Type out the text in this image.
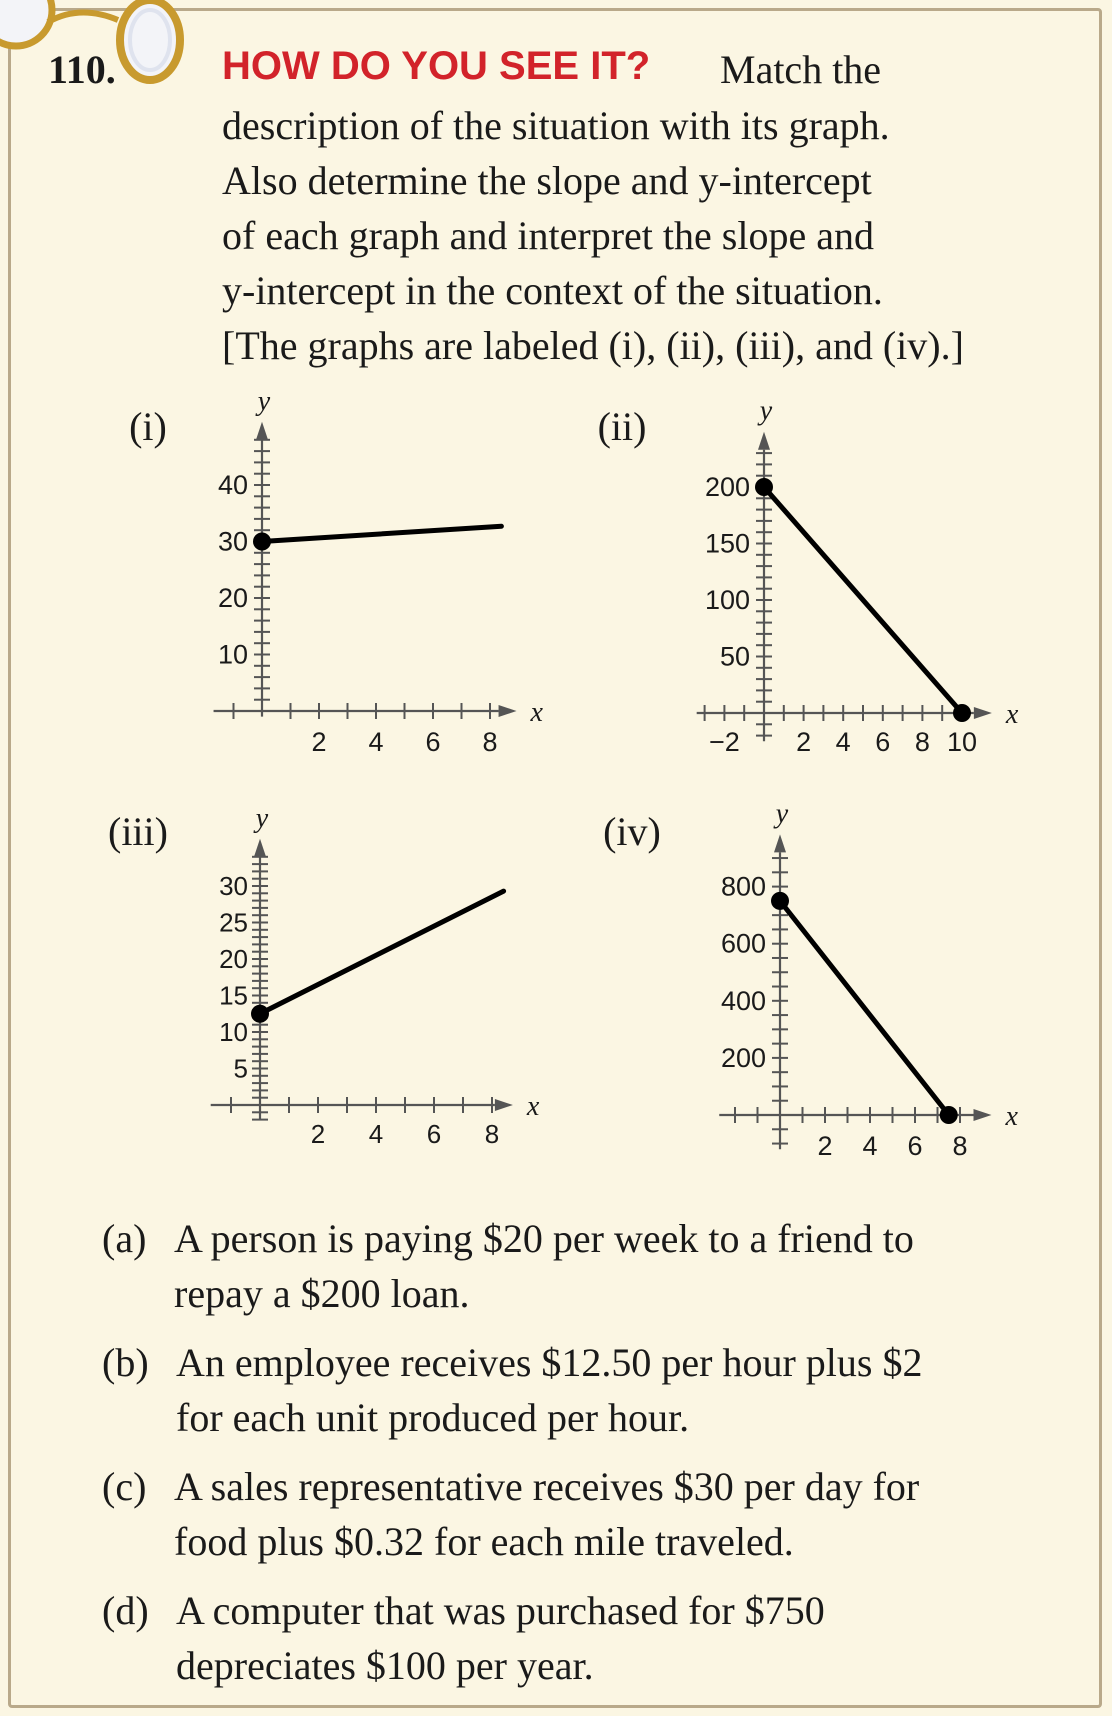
110.	HOW DO YOU SEE IT? Match the
description of the situation with its graph.
Also determine the slope and y-intercept
of each graph and interpret the slope and
y-intercept in the context of the situation.
[The graphs are labeled (i), (ii), (iii), and (iv).]
(i)
x
y
2 4 6 8
10
20
30
40
(ii)
x
y
−2 2 4 6 8 10
50
100
150
200
(iii)
x
y
2 4 6 8
5
10
15
20
25
30
(iv)
x
y
2 4 6 8
200
400
600
800
(a) A person is paying $20 per week to a friend to
repay a $200 loan.
(b) An employee receives $12.50 per hour plus $2
for each unit produced per hour.
(c) A sales representative receives $30 per day for
food plus $0.32 for each mile traveled.
(d) A computer that was purchased for $750
depreciates $100 per year.
